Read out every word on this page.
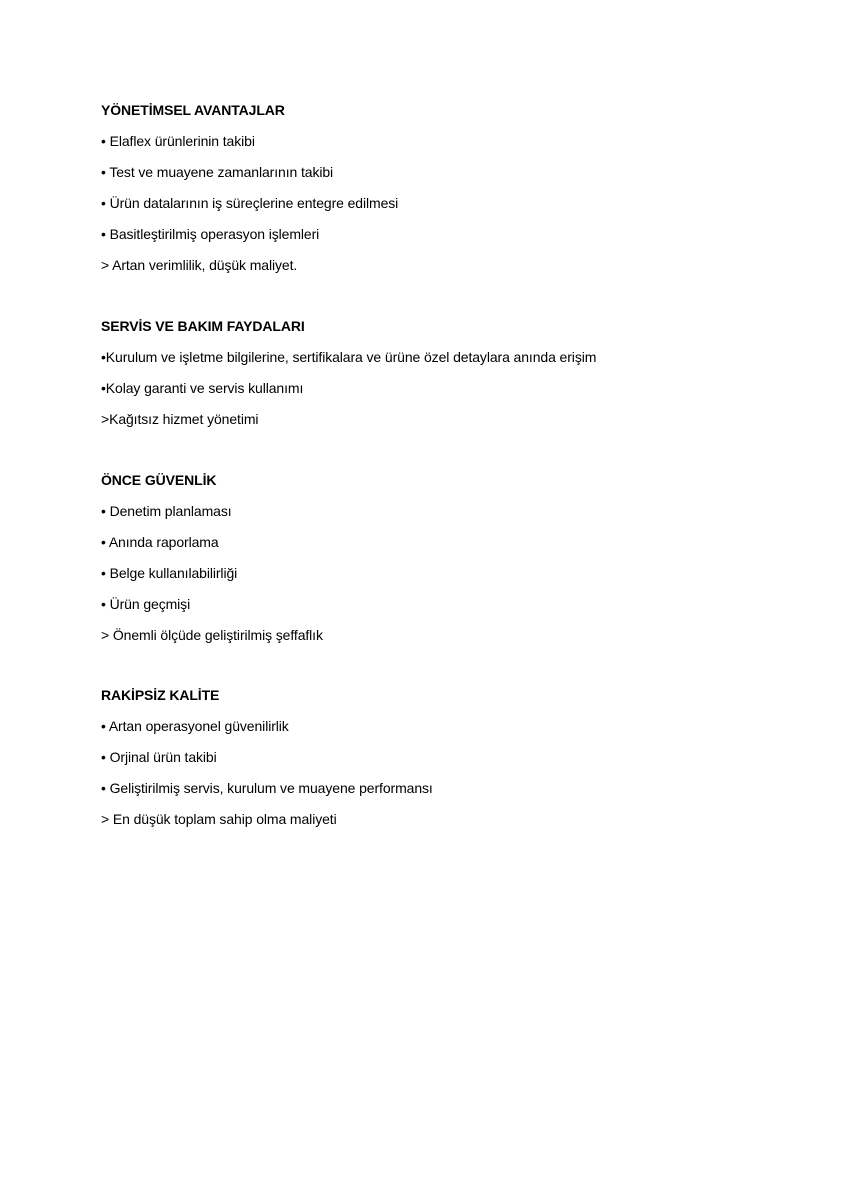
YÖNETİMSEL AVANTAJLAR
• Elaflex ürünlerinin takibi
• Test ve muayene zamanlarının takibi
• Ürün datalarının iş süreçlerine entegre edilmesi
• Basitleştirilmiş operasyon işlemleri
> Artan verimlilik, düşük maliyet.
SERVİS VE BAKIM FAYDALARI
•Kurulum ve işletme bilgilerine, sertifikalara ve ürüne özel detaylara anında erişim
•Kolay garanti ve servis kullanımı
>Kağıtsız hizmet yönetimi
ÖNCE GÜVENLİK
• Denetim planlaması
• Anında raporlama
• Belge kullanılabilirliği
• Ürün geçmişi
> Önemli ölçüde geliştirilmiş şeffaflık
RAKİPSİZ KALİTE
• Artan operasyonel güvenilirlik
• Orjinal ürün takibi
• Geliştirilmiş servis, kurulum ve muayene performansı
> En düşük toplam sahip olma maliyeti
